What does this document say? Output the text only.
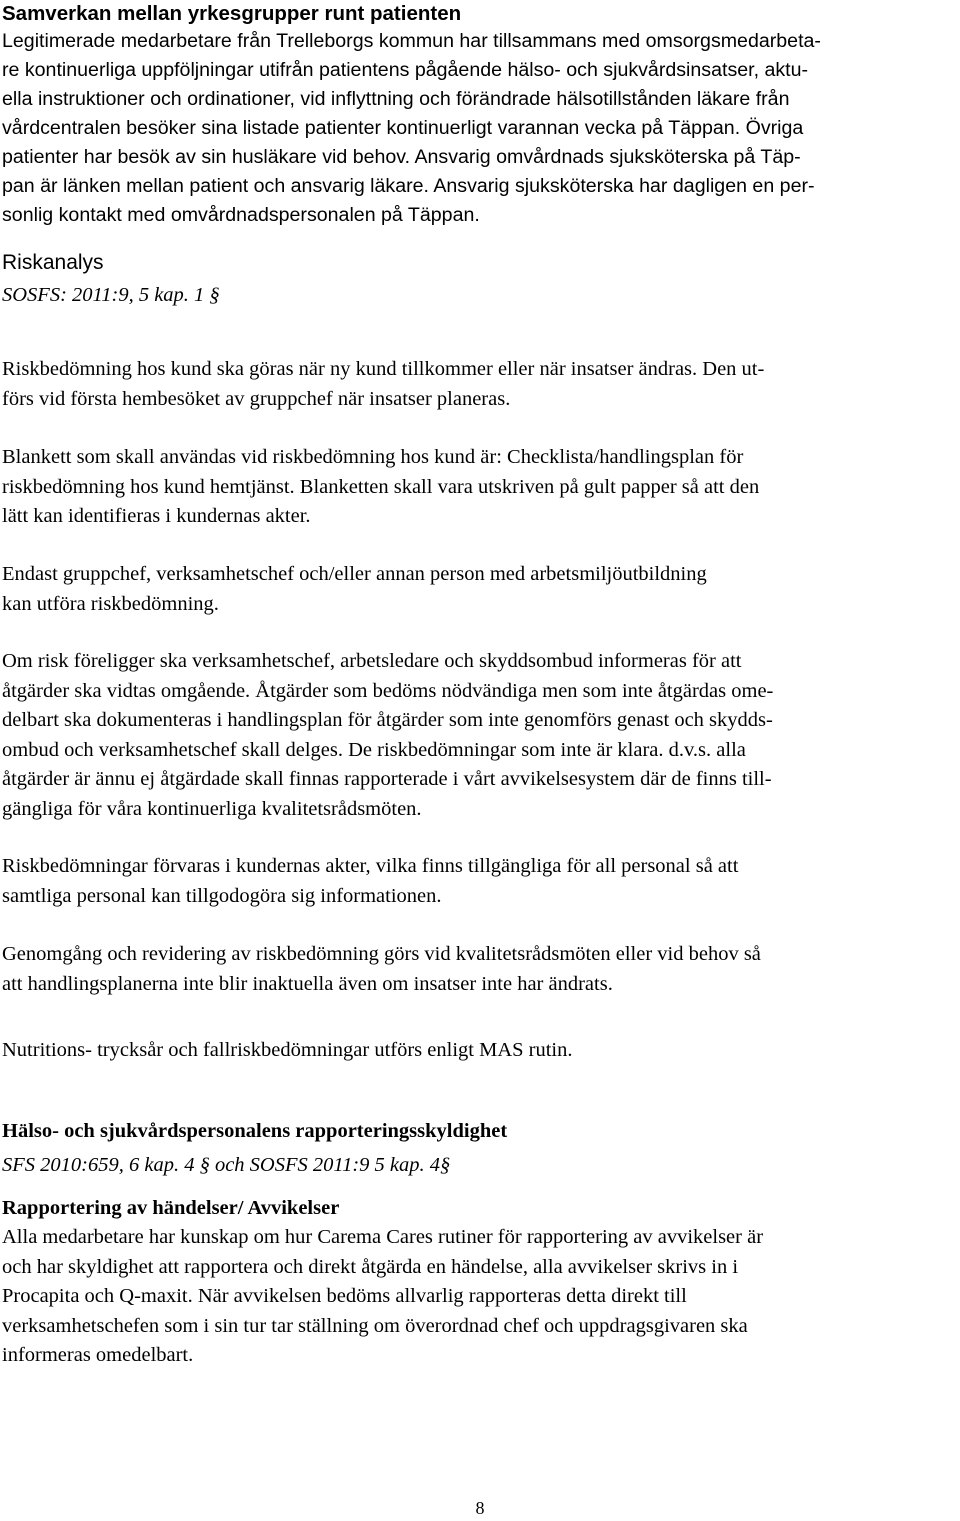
Samverkan mellan yrkesgrupper runt patienten
Legitimerade medarbetare från Trelleborgs kommun har tillsammans med omsorgsmedarbeta-
re kontinuerliga uppföljningar utifrån patientens pågående hälso- och sjukvårdsinsatser, aktu-
ella instruktioner och ordinationer, vid inflyttning och förändrade hälsotillstånden läkare från
vårdcentralen besöker sina listade patienter kontinuerligt varannan vecka på Täppan. Övriga
patienter har besök av sin husläkare vid behov. Ansvarig omvårdnads sjuksköterska på Täp-
pan är länken mellan patient och ansvarig läkare. Ansvarig sjuksköterska har dagligen en per-
sonlig kontakt med omvårdnadspersonalen på Täppan.
Riskanalys
SOSFS: 2011:9, 5 kap. 1 §
Riskbedömning hos kund ska göras när ny kund tillkommer eller när insatser ändras. Den ut-
förs vid första hembesöket av gruppchef när insatser planeras.
Blankett som skall användas vid riskbedömning hos kund är: Checklista/handlingsplan för
riskbedömning hos kund hemtjänst. Blanketten skall vara utskriven på gult papper så att den
lätt kan identifieras i kundernas akter.
Endast gruppchef, verksamhetschef och/eller annan person med arbetsmiljöutbildning
kan utföra riskbedömning.
Om risk föreligger ska verksamhetschef, arbetsledare och skyddsombud informeras för att
åtgärder ska vidtas omgående. Åtgärder som bedöms nödvändiga men som inte åtgärdas ome-
delbart ska dokumenteras i handlingsplan för åtgärder som inte genomförs genast och skydds-
ombud och verksamhetschef skall delges. De riskbedömningar som inte är klara. d.v.s. alla
åtgärder är ännu ej åtgärdade skall finnas rapporterade i vårt avvikelsesystem där de finns till-
gängliga för våra kontinuerliga kvalitetsrådsmöten.
Riskbedömningar förvaras i kundernas akter, vilka finns tillgängliga för all personal så att
samtliga personal kan tillgodogöra sig informationen.
Genomgång och revidering av riskbedömning görs vid kvalitetsrådsmöten eller vid behov så
att handlingsplanerna inte blir inaktuella även om insatser inte har ändrats.
Nutritions- trycksår och fallriskbedömningar utförs enligt MAS rutin.
Hälso- och sjukvårdspersonalens rapporteringsskyldighet
SFS 2010:659, 6 kap. 4 § och SOSFS 2011:9 5 kap. 4§
Rapportering av händelser/ Avvikelser
Alla medarbetare har kunskap om hur Carema Cares rutiner för rapportering av avvikelser är
och har skyldighet att rapportera och direkt åtgärda en händelse, alla avvikelser skrivs in i
Procapita och Q-maxit. När avvikelsen bedöms allvarlig rapporteras detta direkt till
verksamhetschefen som i sin tur tar ställning om överordnad chef och uppdragsgivaren ska
informeras omedelbart.
8
